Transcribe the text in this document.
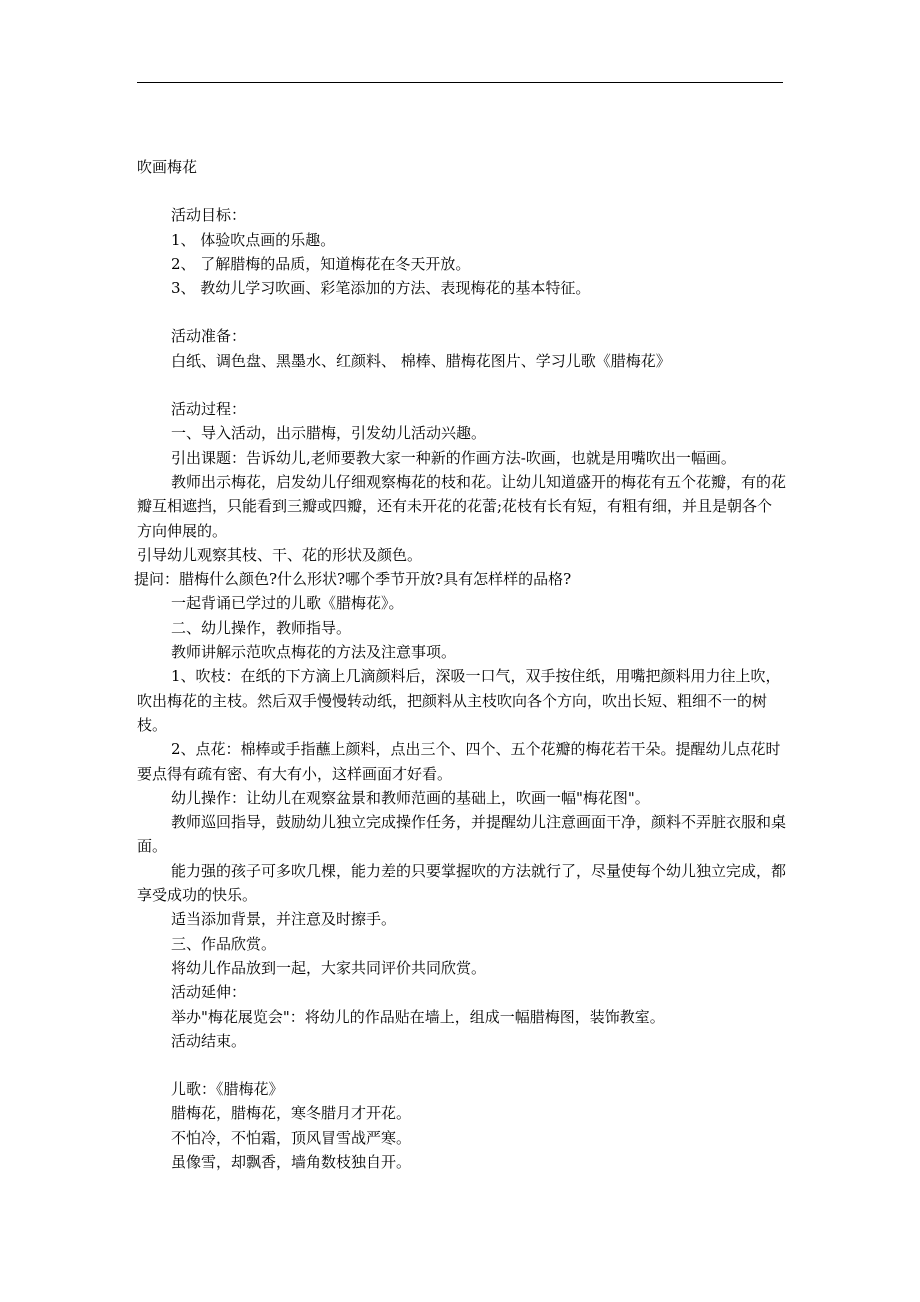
吹画梅花

活动目标：

1、 体验吹点画的乐趣。

2、 了解腊梅的品质，知道梅花在冬天开放。

3、 教幼儿学习吹画、彩笔添加的方法、表现梅花的基本特征。

活动准备：

白纸、调色盘、黑墨水、红颜料、 棉棒、腊梅花图片、学习儿歌《腊梅花》

活动过程：

一、导入活动，出示腊梅，引发幼儿活动兴趣。

引出课题：告诉幼儿,老师要教大家一种新的作画方法-吹画，也就是用嘴吹出一幅画。

教师出示梅花，启发幼儿仔细观察梅花的枝和花。让幼儿知道盛开的梅花有五个花瓣，有的花瓣互相遮挡，只能看到三瓣或四瓣，还有未开花的花蕾;花枝有长有短，有粗有细，并且是朝各个方向伸展的。

引导幼儿观察其枝、干、花的形状及颜色。

提问：腊梅什么颜色?什么形状?哪个季节开放?具有怎样样的品格?

一起背诵已学过的儿歌《腊梅花》。

二、幼儿操作，教师指导。

教师讲解示范吹点梅花的方法及注意事项。

1、吹枝：在纸的下方滴上几滴颜料后，深吸一口气，双手按住纸，用嘴把颜料用力往上吹，吹出梅花的主枝。然后双手慢慢转动纸，把颜料从主枝吹向各个方向，吹出长短、粗细不一的树枝。

2、点花：棉棒或手指蘸上颜料，点出三个、四个、五个花瓣的梅花若干朵。提醒幼儿点花时要点得有疏有密、有大有小，这样画面才好看。

幼儿操作：让幼儿在观察盆景和教师范画的基础上，吹画一幅"梅花图"。

教师巡回指导，鼓励幼儿独立完成操作任务，并提醒幼儿注意画面干净，颜料不弄脏衣服和桌面。

能力强的孩子可多吹几棵，能力差的只要掌握吹的方法就行了，尽量使每个幼儿独立完成，都享受成功的快乐。

适当添加背景，并注意及时擦手。

三、作品欣赏。

将幼儿作品放到一起，大家共同评价共同欣赏。

活动延伸：

举办"梅花展览会"：将幼儿的作品贴在墙上，组成一幅腊梅图，装饰教室。

活动结束。

儿歌：《腊梅花》

腊梅花，腊梅花，寒冬腊月才开花。

不怕冷，不怕霜，顶风冒雪战严寒。

虽像雪，却飘香，墙角数枝独自开。
